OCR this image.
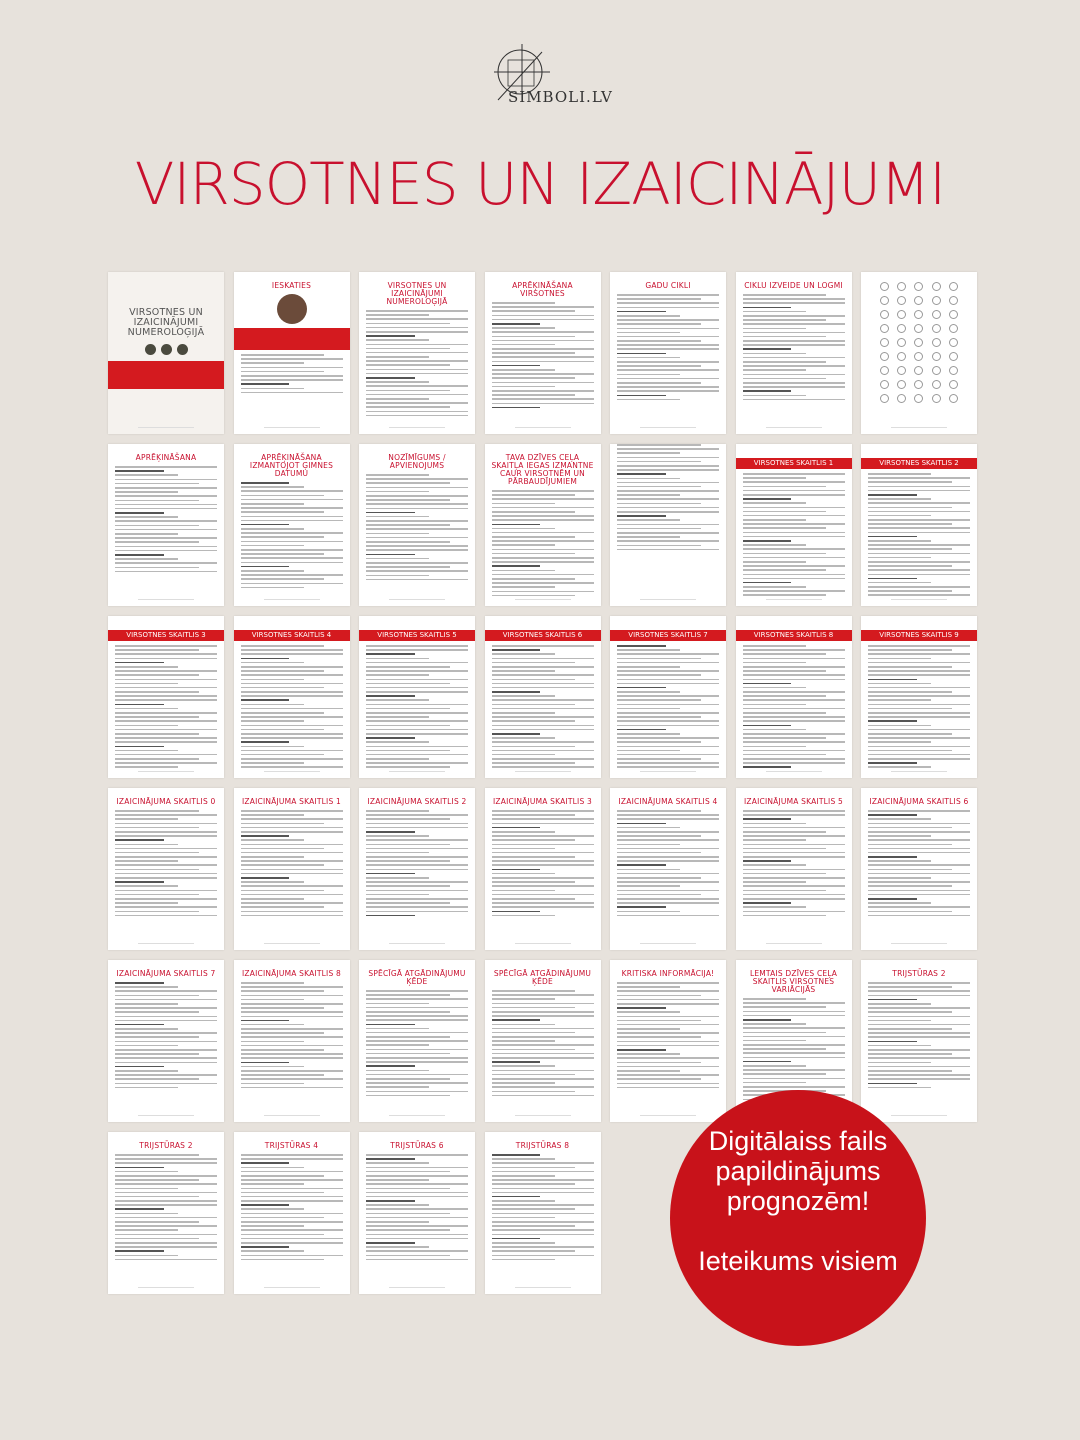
SIMBOLI.LV
VIRSOTNES UN IZAICINĀJUMI
VIRSOTNES UN IZAICINĀJUMI NUMEROLOĢIJĀ
IESKATIES	VIRSOTNES UN IZAICINĀJUMI NUMEROLOĢIJĀ
APRĒĶINĀŠANA VIRSOTNES
GADU CIKLI	CIKLU IZVEIDE UN LOGMI
APRĒĶINĀŠANA	APRĒĶINĀŠANA IZMANTOJOT ĢIMNES DATUMU
NOZĪMĪGUMS / APVIENOJUMS
TAVA DZĪVES CEĻA SKAITĻA IEGAS IZMANTNE CAUR VIRSOTNĒM UN PĀRBAUDĪJUMIEM
VIRSOTNES SKAITLIS 1	VIRSOTNES SKAITLIS 2
VIRSOTNES SKAITLIS 3	VIRSOTNES SKAITLIS 4	VIRSOTNES SKAITLIS 5	VIRSOTNES SKAITLIS 6	VIRSOTNES SKAITLIS 7	VIRSOTNES SKAITLIS 8	VIRSOTNES SKAITLIS 9
IZAICINĀJUMA SKAITLIS 0	IZAICINĀJUMA SKAITLIS 1	IZAICINĀJUMA SKAITLIS 2	IZAICINĀJUMA SKAITLIS 3	IZAICINĀJUMA SKAITLIS 4	IZAICINĀJUMA SKAITLIS 5	IZAICINĀJUMA SKAITLIS 6
IZAICINĀJUMA SKAITLIS 7	IZAICINĀJUMA SKAITLIS 8	SPĒCĪGĀ ATGĀDINĀJUMU ĶĒDE
SPĒCĪGĀ ATGĀDINĀJUMU ĶĒDE
KRITISKA INFORMĀCIJA!	LEMTAIS DZĪVES CEĻA SKAITLIS VIRSOTNES VARIĀCIJĀS
TRIJSTŪRAS 2
TRIJSTŪRAS 2	TRIJSTŪRAS 4	TRIJSTŪRAS 6	TRIJSTŪRAS 8	Digitālaiss fails papildinājums prognozēm!
Ieteikums visiem
